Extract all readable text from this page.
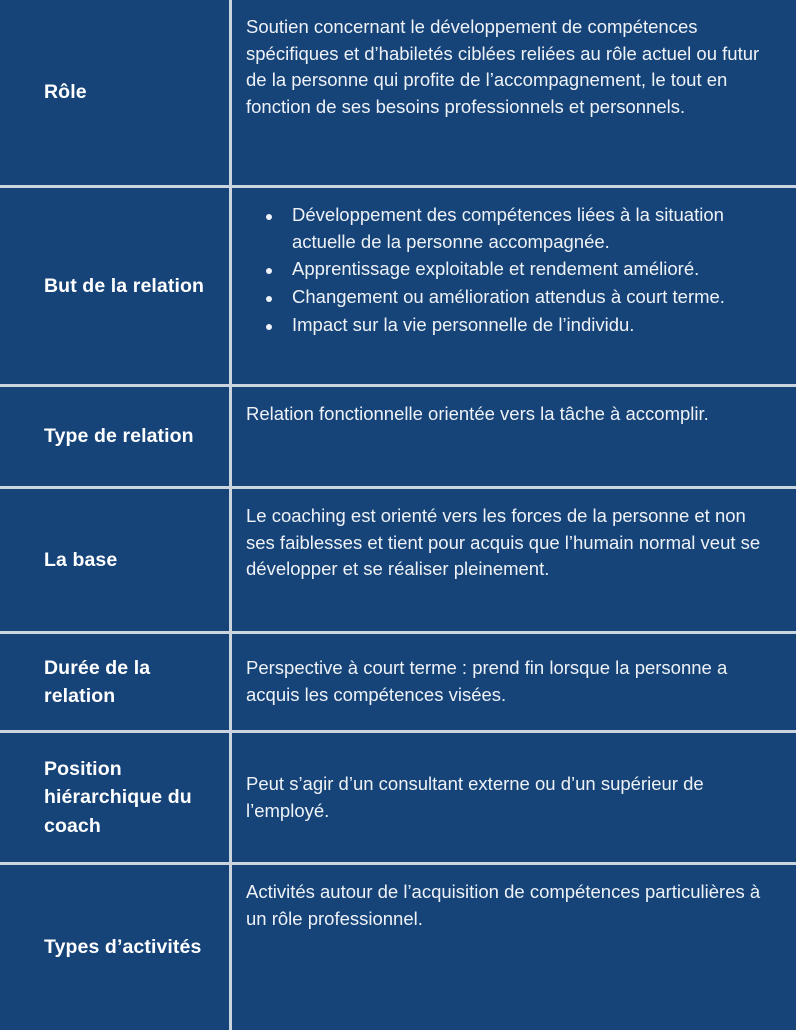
Rôle

Soutien concernant le développement de compétences spécifiques et d’habiletés ciblées reliées au rôle actuel ou futur de la personne qui profite de l’accompagnement, le tout en fonction de ses besoins professionnels et personnels.

But de la relation
Développement des compétences liées à la situation actuelle de la personne accompagnée.
Apprentissage exploitable et rendement amélioré.
Changement ou amélioration attendus à court terme.
Impact sur la vie personnelle de l’individu.
Type de relation

Relation fonctionnelle orientée vers la tâche à accomplir.

La base

Le coaching est orienté vers les forces de la personne et non ses faiblesses et tient pour acquis que l’humain normal veut se développer et se réaliser pleinement.

Durée de la relation

Perspective à court terme : prend fin lorsque la personne a acquis les compétences visées.

Position hiérarchique du coach

Peut s’agir d’un consultant externe ou d’un supérieur de l’employé.

Types d’activités

Activités autour de l’acquisition de compétences particulières à un rôle professionnel.
